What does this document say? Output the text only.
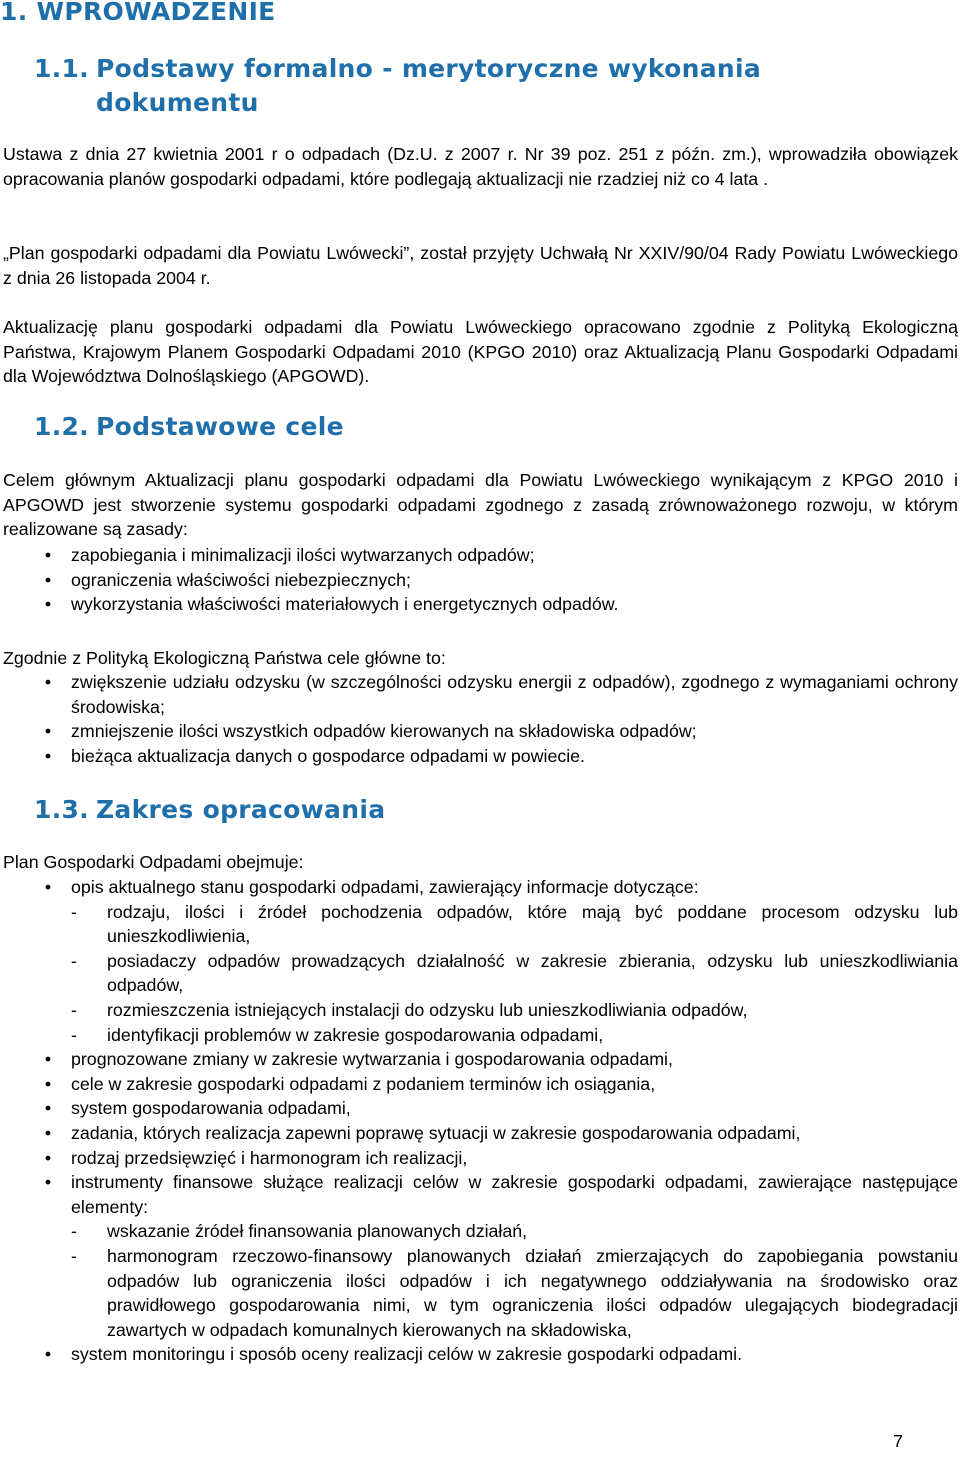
1. WPROWADZENIE
1.1. Podstawy formalno - merytoryczne wykonania
dokumentu

Ustawa z dnia 27 kwietnia 2001 r o odpadach (Dz.U. z 2007 r. Nr 39 poz. 251 z późn. zm.), wprowadziła obowiązek opracowania planów gospodarki odpadami, które podlegają aktualizacji nie rzadziej niż co 4 lata .

„Plan gospodarki odpadami dla Powiatu Lwówecki”, został przyjęty Uchwałą Nr XXIV/90/04 Rady Powiatu Lwóweckiego z dnia 26 listopada 2004 r.

Aktualizację planu gospodarki odpadami dla Powiatu Lwóweckiego opracowano zgodnie z Polityką Ekologiczną Państwa, Krajowym Planem Gospodarki Odpadami 2010 (KPGO 2010) oraz Aktualizacją Planu Gospodarki Odpadami dla Województwa Dolnośląskiego (APGOWD).

1.2. Podstawowe cele

Celem głównym Aktualizacji planu gospodarki odpadami dla Powiatu Lwóweckiego wynikającym z KPGO 2010 i APGOWD jest stworzenie systemu gospodarki odpadami zgodnego z zasadą zrównoważonego rozwoju, w którym realizowane są zasady:

•	zapobiegania i minimalizacji ilości wytwarzanych odpadów;
•	ograniczenia właściwości niebezpiecznych;
•	wykorzystania właściwości materiałowych i energetycznych odpadów.

Zgodnie z Polityką Ekologiczną Państwa cele główne to:

•	zwiększenie udziału odzysku (w szczególności odzysku energii z odpadów), zgodnego z wymaganiami ochrony środowiska;
•	zmniejszenie ilości wszystkich odpadów kierowanych na składowiska odpadów;
•	bieżąca aktualizacja danych o gospodarce odpadami w powiecie.
1.3. Zakres opracowania

Plan Gospodarki Odpadami obejmuje:

•	opis aktualnego stanu gospodarki odpadami, zawierający informacje dotyczące:
- rodzaju, ilości i źródeł pochodzenia odpadów, które mają być poddane procesom odzysku lub unieszkodliwienia,
- posiadaczy odpadów prowadzących działalność w zakresie zbierania, odzysku lub unieszkodliwiania odpadów,
- rozmieszczenia istniejących instalacji do odzysku lub unieszkodliwiania odpadów,
- identyfikacji problemów w zakresie gospodarowania odpadami,
•	prognozowane zmiany w zakresie wytwarzania i gospodarowania odpadami,
•	cele w zakresie gospodarki odpadami z podaniem terminów ich osiągania,
•	system gospodarowania odpadami,
•	zadania, których realizacja zapewni poprawę sytuacji w zakresie gospodarowania odpadami,
•	rodzaj przedsięwzięć i harmonogram ich realizacji,
•	instrumenty finansowe służące realizacji celów w zakresie gospodarki odpadami, zawierające następujące elementy:
- wskazanie źródeł finansowania planowanych działań,
- harmonogram rzeczowo-finansowy planowanych działań zmierzających do zapobiegania powstaniu odpadów lub ograniczenia ilości odpadów i ich negatywnego oddziaływania na środowisko oraz prawidłowego gospodarowania nimi, w tym ograniczenia ilości odpadów ulegających biodegradacji zawartych w odpadach komunalnych kierowanych na składowiska,
•	system monitoringu i sposób oceny realizacji celów w zakresie gospodarki odpadami.
7
